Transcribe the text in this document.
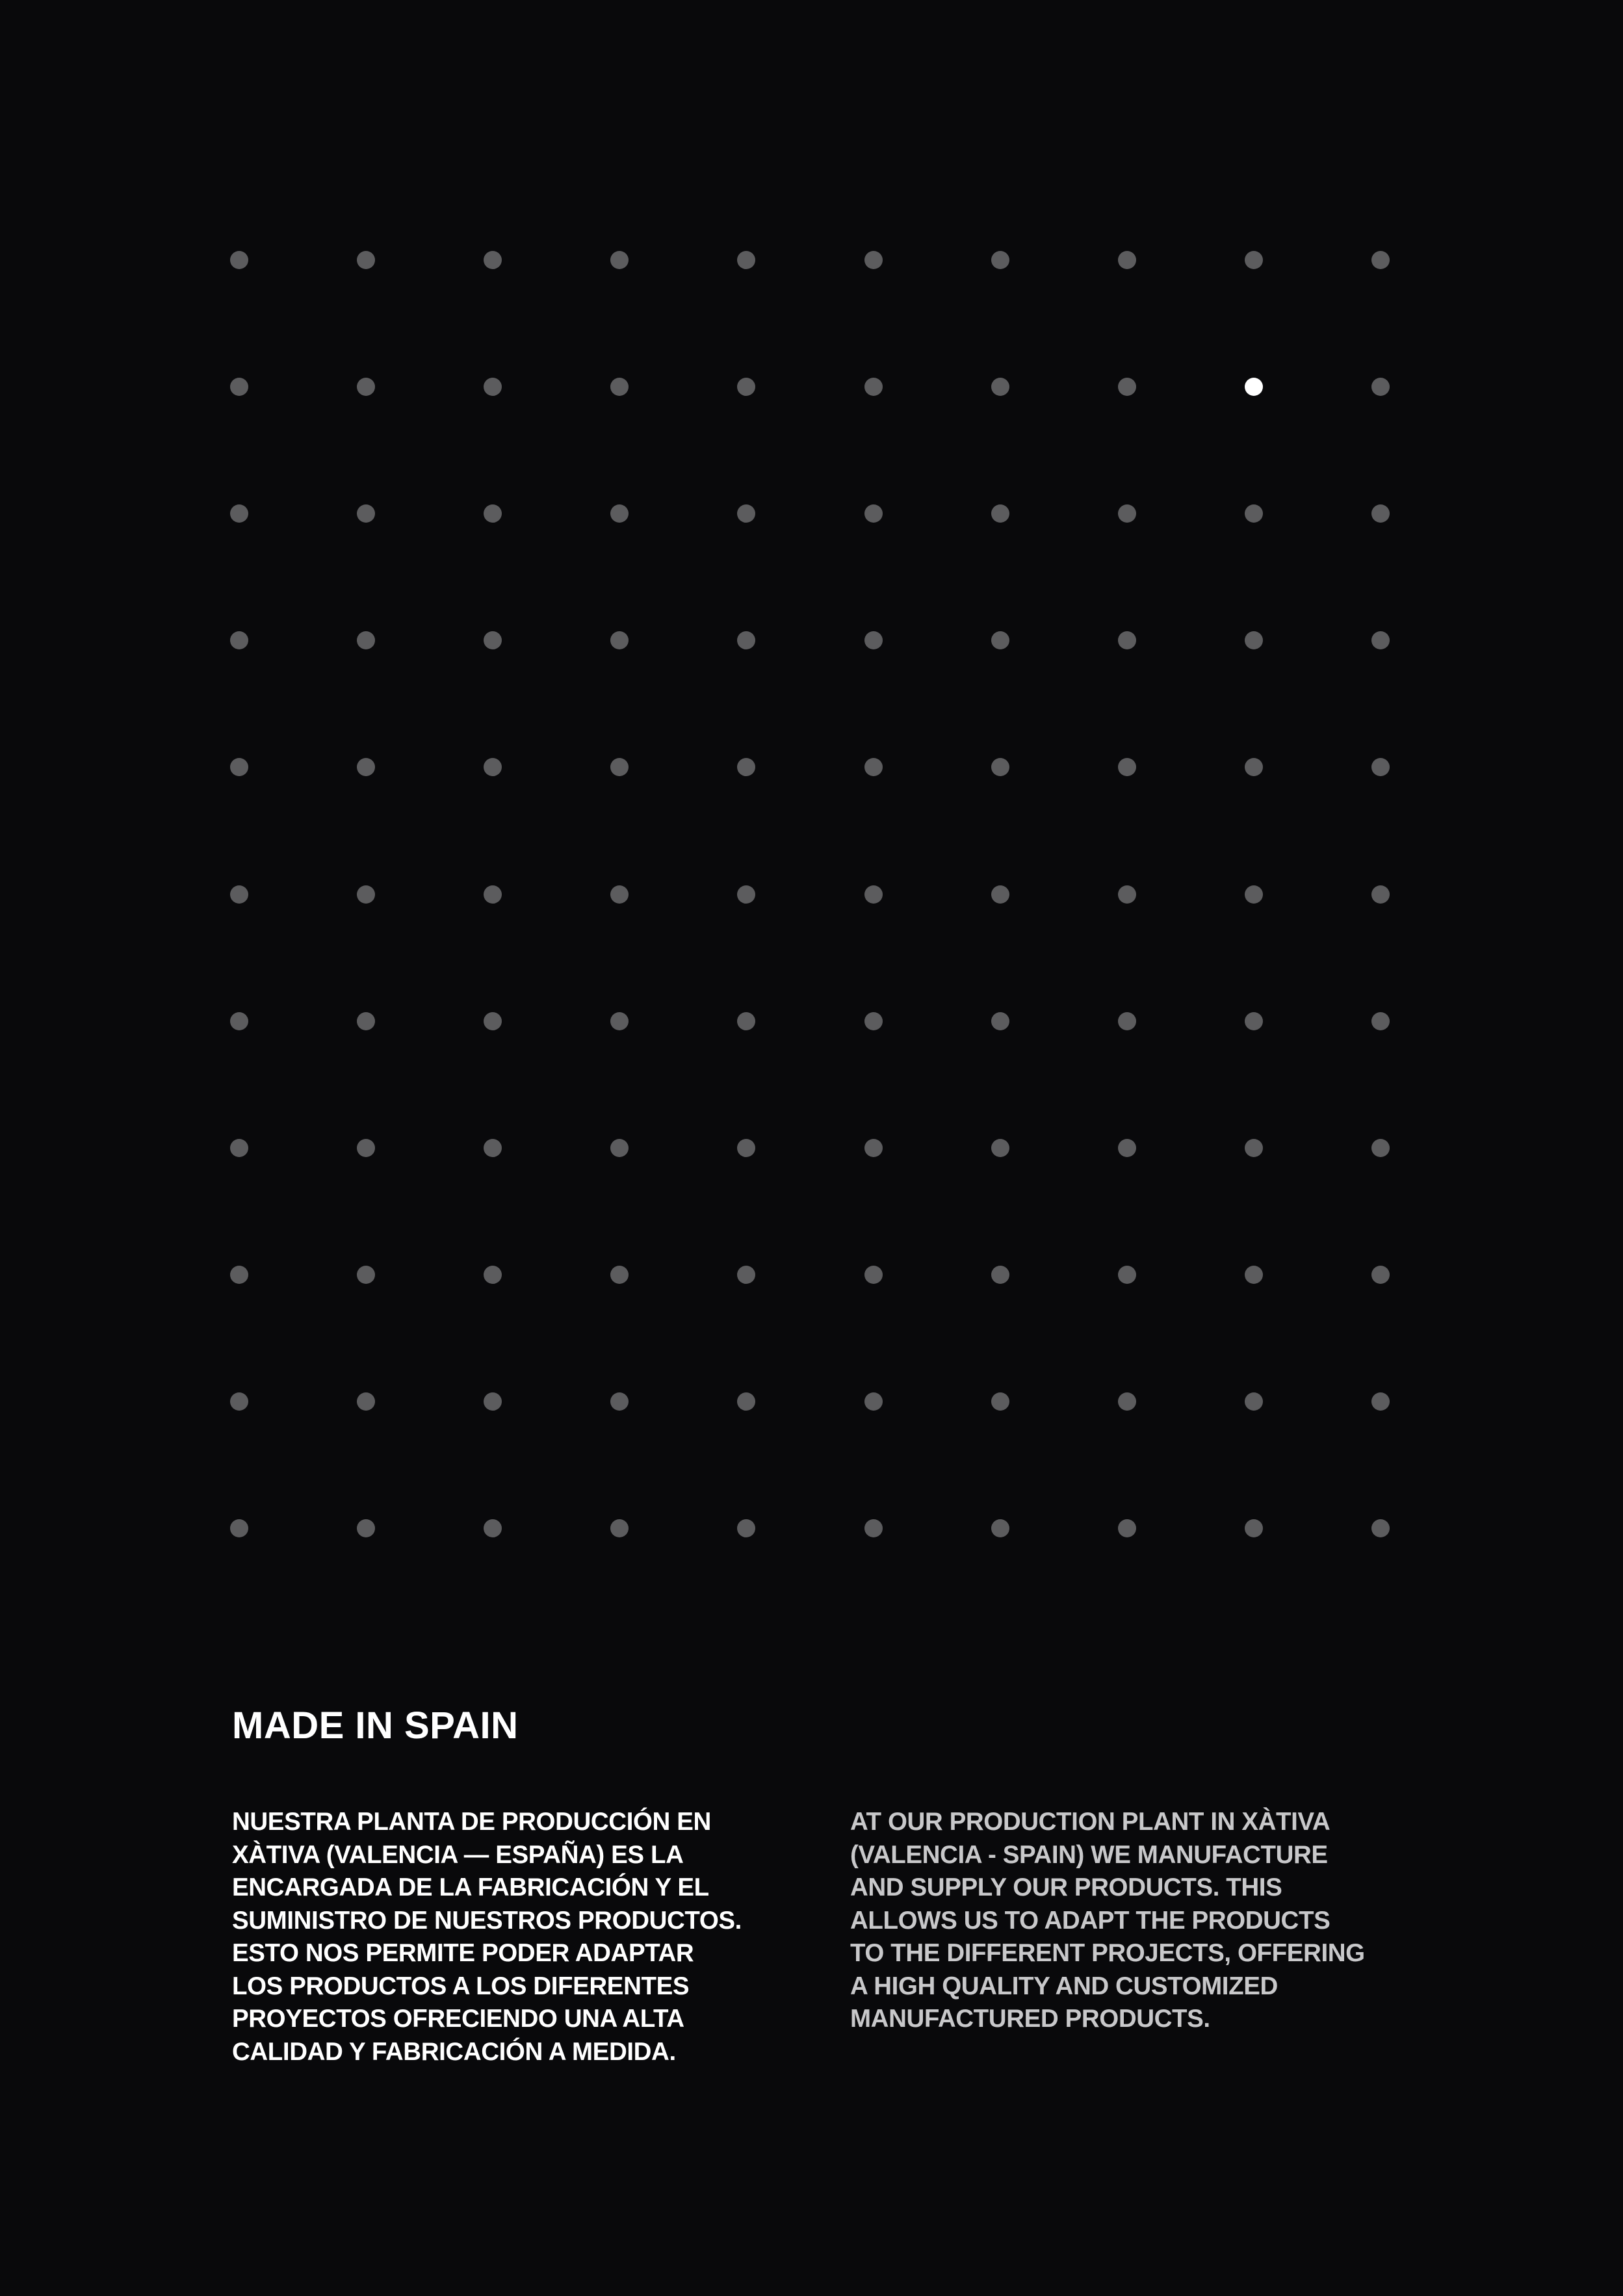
MADE IN SPAIN

NUESTRA PLANTA DE PRODUCCIÓN EN
XÀTIVA (VALENCIA — ESPAÑA) ES LA
ENCARGADA DE LA FABRICACIÓN Y EL
SUMINISTRO DE NUESTROS PRODUCTOS.
ESTO NOS PERMITE PODER ADAPTAR
LOS PRODUCTOS A LOS DIFERENTES
PROYECTOS OFRECIENDO UNA ALTA
CALIDAD Y FABRICACIÓN A MEDIDA.

AT OUR PRODUCTION PLANT IN XÀTIVA
(VALENCIA - SPAIN) WE MANUFACTURE
AND SUPPLY OUR PRODUCTS. THIS
ALLOWS US TO ADAPT THE PRODUCTS
TO THE DIFFERENT PROJECTS, OFFERING
A HIGH QUALITY AND CUSTOMIZED
MANUFACTURED PRODUCTS.
